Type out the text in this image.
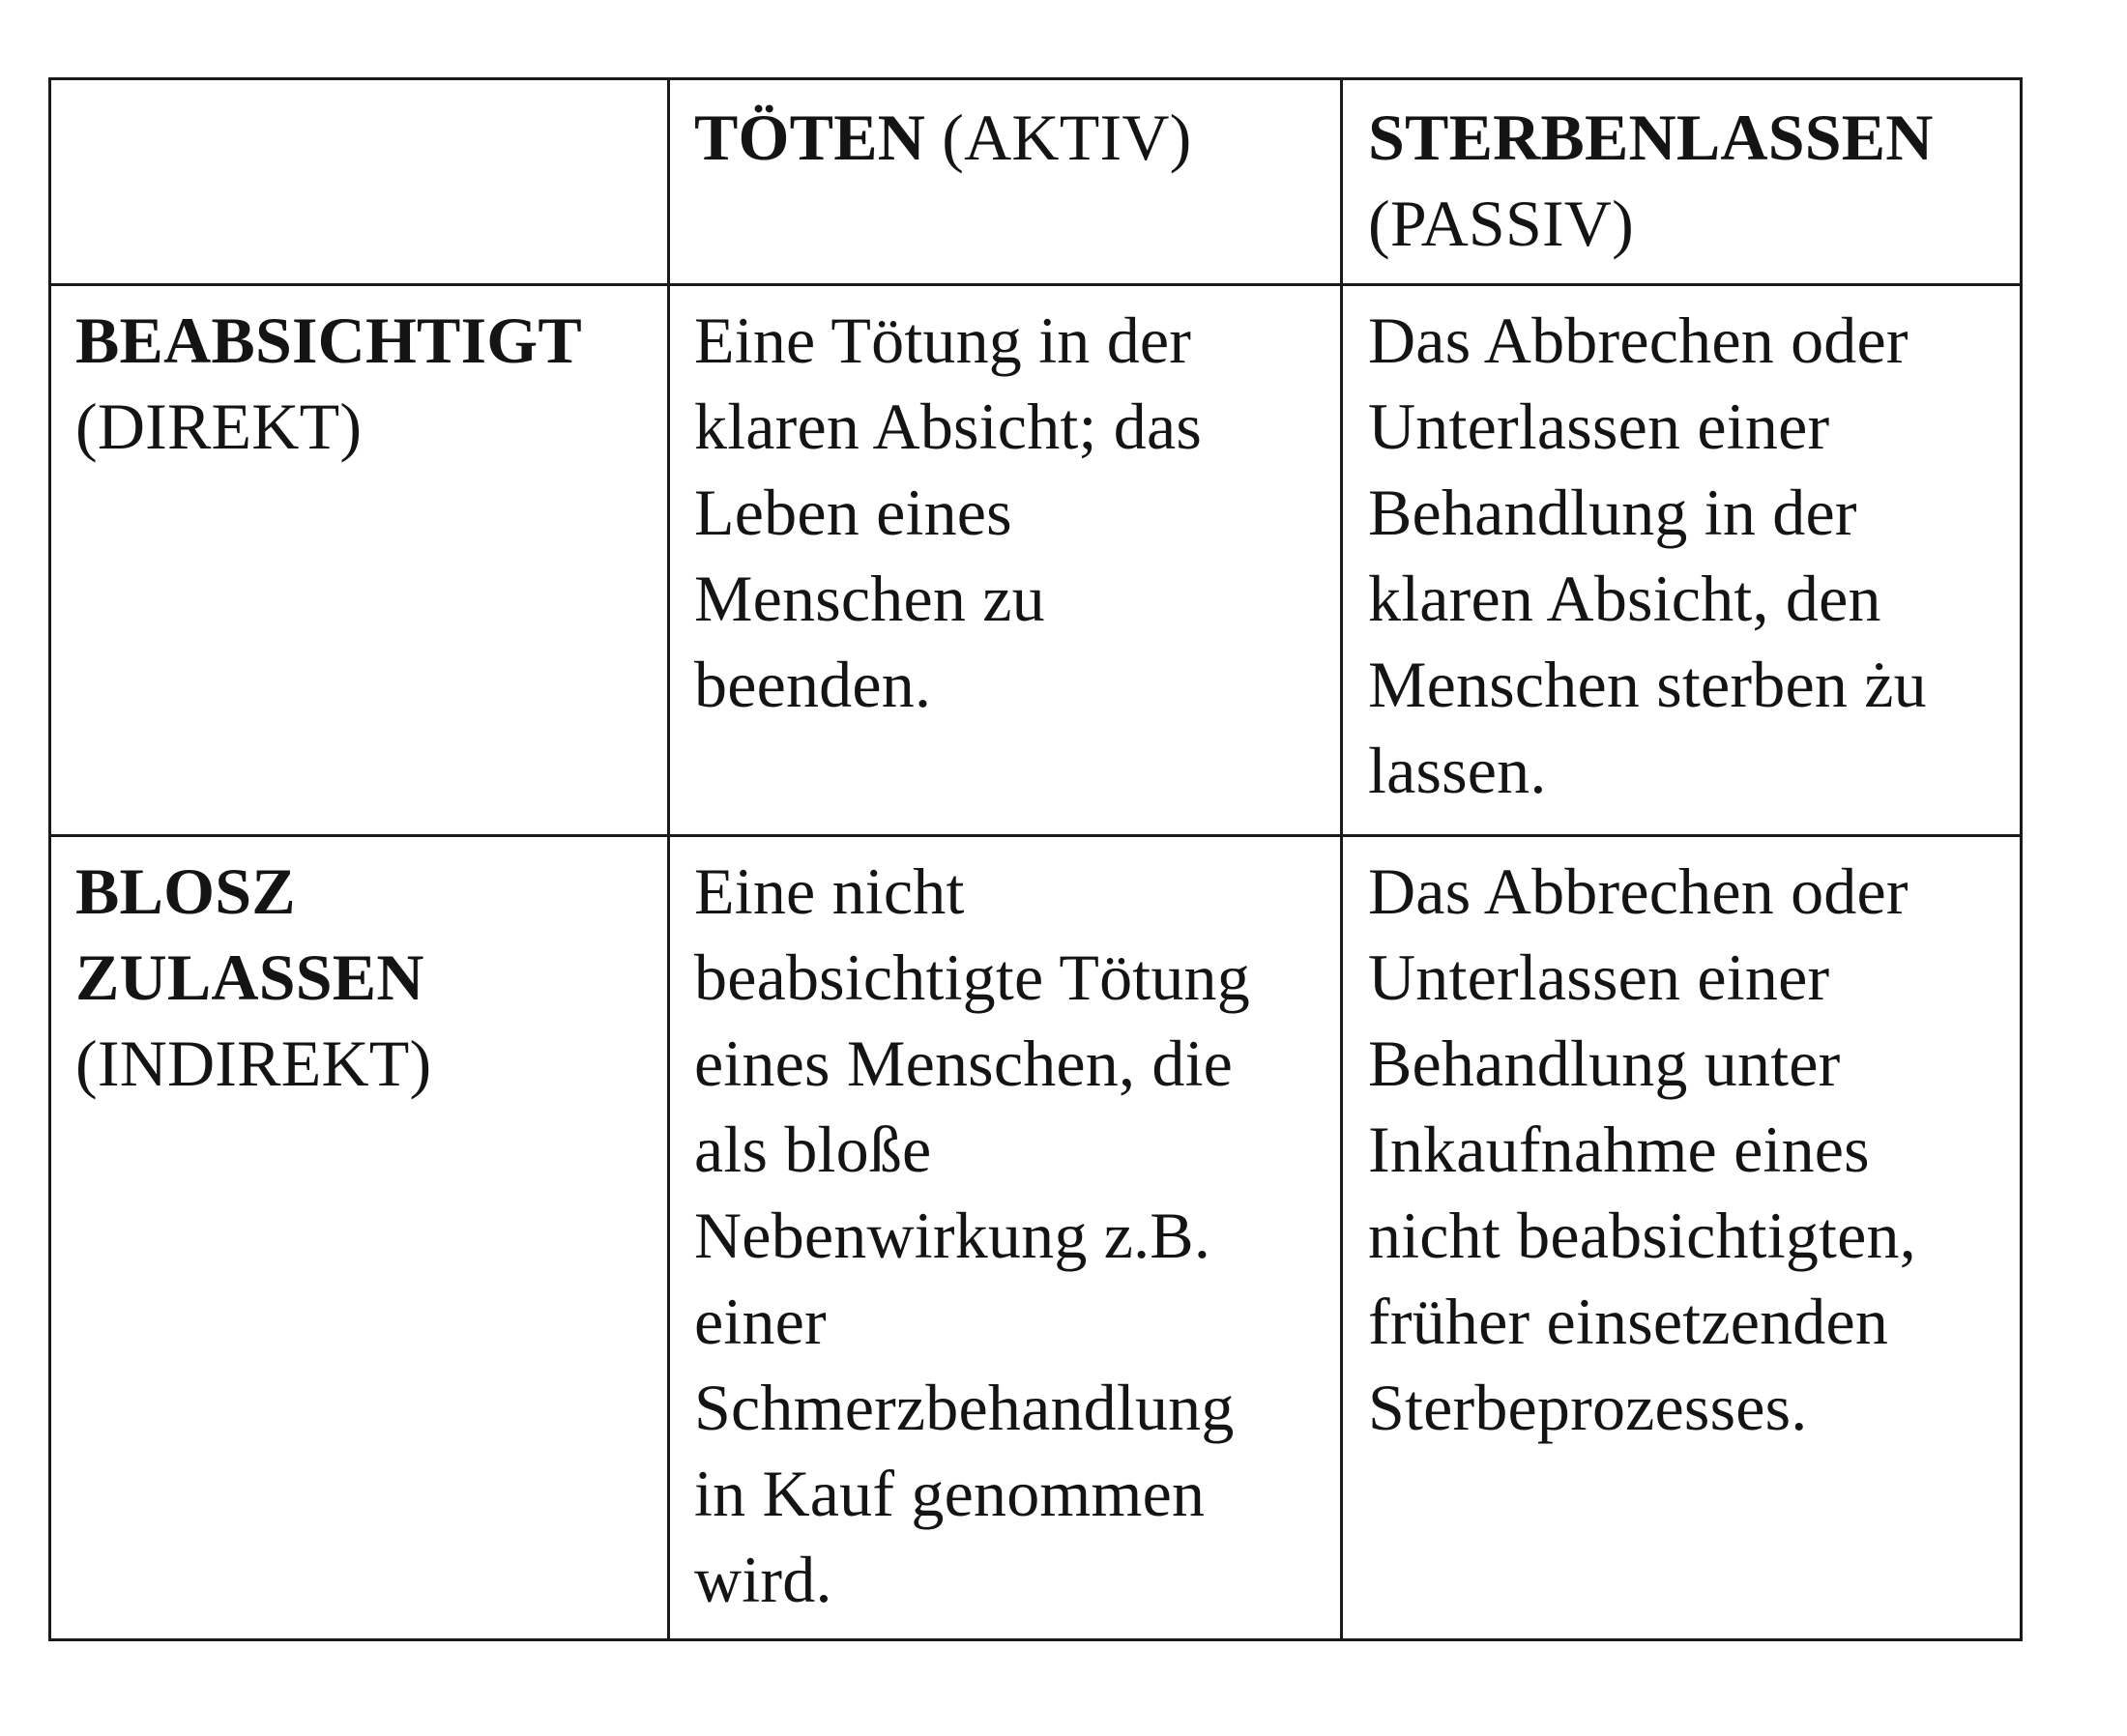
TÖTEN (AKTIV)	STERBENLASSEN
(PASSIV)
BEABSICHTIGT
(DIREKT)
Eine Tötung in der
klaren Absicht; das
Leben eines
Menschen zu
beenden.
Das Abbrechen oder
Unterlassen einer
Behandlung in der
klaren Absicht, den
Menschen sterben żu
lassen.
BLOSZ
ZULASSEN
(INDIREKT)
Eine nicht
beabsichtigte Tötung
eines Menschen, die
als bloße
Nebenwirkung z.B.
einer
Schmerzbehandlung
in Kauf genommen
wird.
Das Abbrechen oder
Unterlassen einer
Behandlung unter
Inkaufnahme eines
nicht beabsichtigten,
früher einsetzenden
Sterbeprozesses.
